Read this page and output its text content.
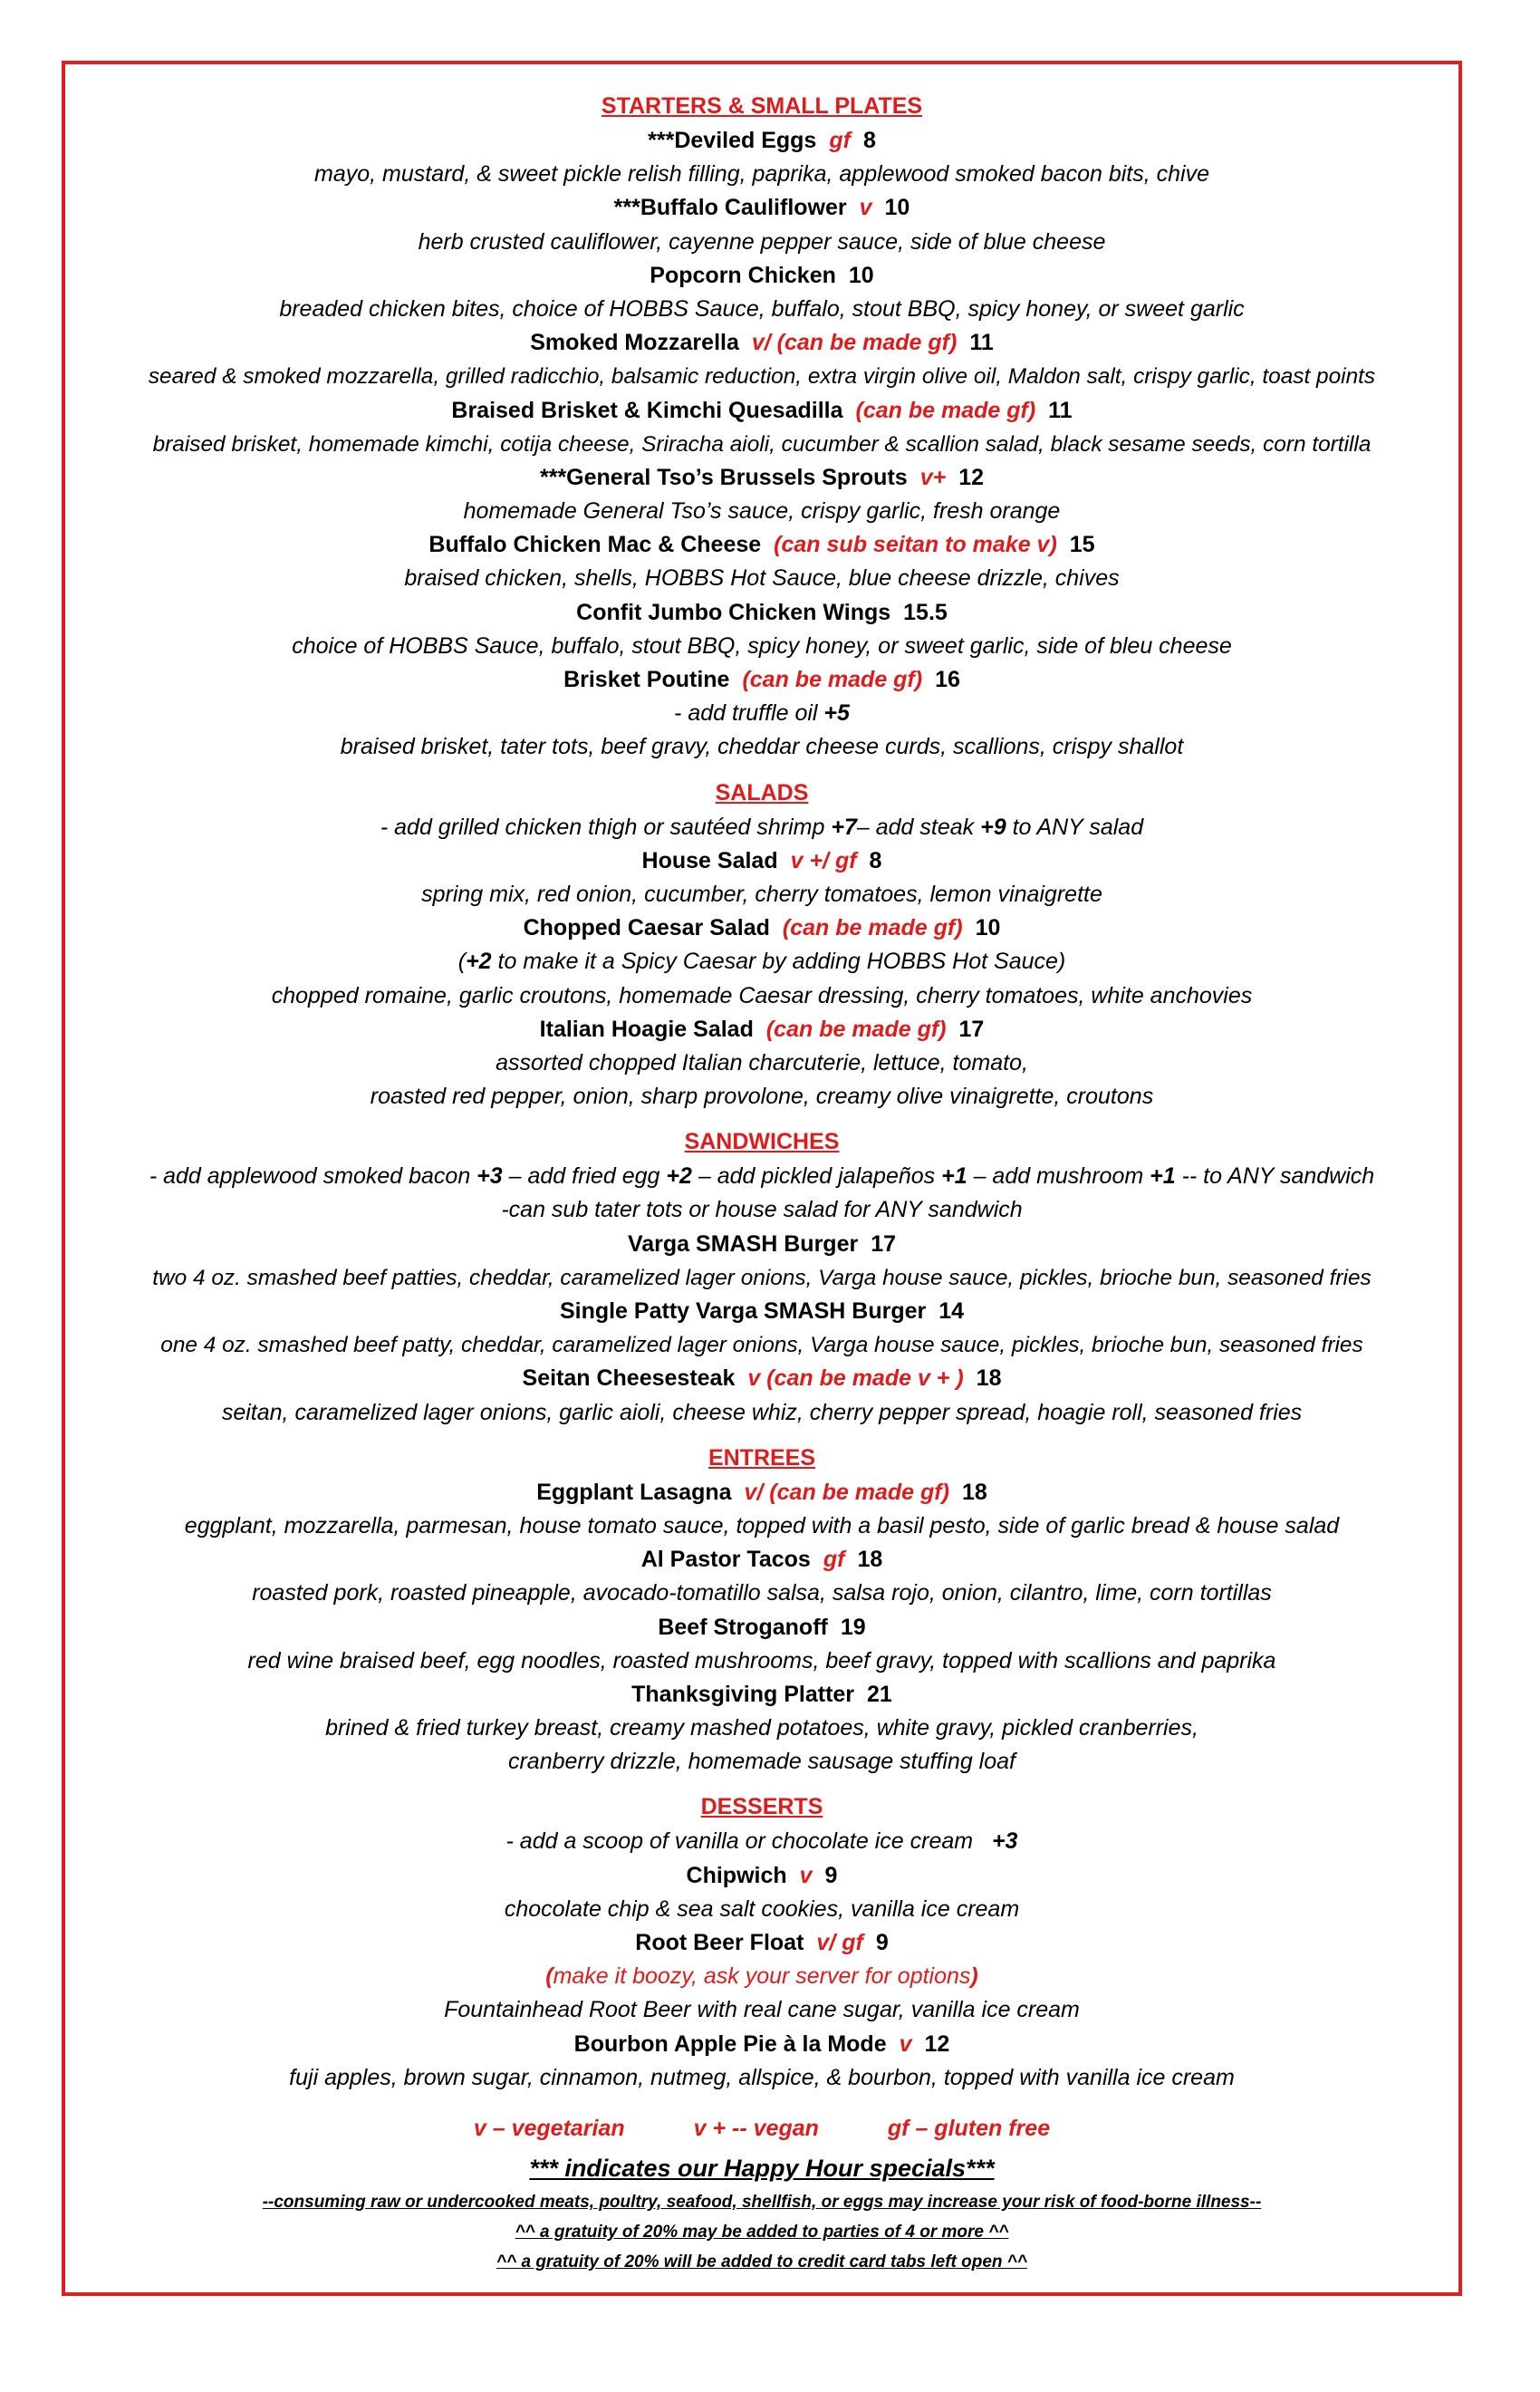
STARTERS & SMALL PLATES
***Deviled Eggs gf 8
mayo, mustard, & sweet pickle relish filling, paprika, applewood smoked bacon bits, chive
***Buffalo Cauliflower v 10
herb crusted cauliflower, cayenne pepper sauce, side of blue cheese
Popcorn Chicken 10
breaded chicken bites, choice of HOBBS Sauce, buffalo, stout BBQ, spicy honey, or sweet garlic
Smoked Mozzarella v/ (can be made gf) 11
seared & smoked mozzarella, grilled radicchio, balsamic reduction, extra virgin olive oil, Maldon salt, crispy garlic, toast points
Braised Brisket & Kimchi Quesadilla (can be made gf) 11
braised brisket, homemade kimchi, cotija cheese, Sriracha aioli, cucumber & scallion salad, black sesame seeds, corn tortilla
***General Tso’s Brussels Sprouts v+ 12
homemade General Tso’s sauce, crispy garlic, fresh orange
Buffalo Chicken Mac & Cheese (can sub seitan to make v) 15
braised chicken, shells, HOBBS Hot Sauce, blue cheese drizzle, chives
Confit Jumbo Chicken Wings 15.5
choice of HOBBS Sauce, buffalo, stout BBQ, spicy honey, or sweet garlic, side of bleu cheese
Brisket Poutine (can be made gf) 16
- add truffle oil +5
braised brisket, tater tots, beef gravy, cheddar cheese curds, scallions, crispy shallot
SALADS
- add grilled chicken thigh or sautéed shrimp +7– add steak +9 to ANY salad
House Salad v +/ gf 8
spring mix, red onion, cucumber, cherry tomatoes, lemon vinaigrette
Chopped Caesar Salad (can be made gf) 10
(+2 to make it a Spicy Caesar by adding HOBBS Hot Sauce)
chopped romaine, garlic croutons, homemade Caesar dressing, cherry tomatoes, white anchovies
Italian Hoagie Salad (can be made gf) 17
assorted chopped Italian charcuterie, lettuce, tomato,
roasted red pepper, onion, sharp provolone, creamy olive vinaigrette, croutons
SANDWICHES
- add applewood smoked bacon +3 – add fried egg +2 – add pickled jalapeños +1 – add mushroom +1 -- to ANY sandwich
-can sub tater tots or house salad for ANY sandwich
Varga SMASH Burger 17
two 4 oz. smashed beef patties, cheddar, caramelized lager onions, Varga house sauce, pickles, brioche bun, seasoned fries
Single Patty Varga SMASH Burger 14
one 4 oz. smashed beef patty, cheddar, caramelized lager onions, Varga house sauce, pickles, brioche bun, seasoned fries
Seitan Cheesesteak v (can be made v + ) 18
seitan, caramelized lager onions, garlic aioli, cheese whiz, cherry pepper spread, hoagie roll, seasoned fries
ENTREES
Eggplant Lasagna v/ (can be made gf) 18
eggplant, mozzarella, parmesan, house tomato sauce, topped with a basil pesto, side of garlic bread & house salad
Al Pastor Tacos gf 18
roasted pork, roasted pineapple, avocado-tomatillo salsa, salsa rojo, onion, cilantro, lime, corn tortillas
Beef Stroganoff 19
red wine braised beef, egg noodles, roasted mushrooms, beef gravy, topped with scallions and paprika
Thanksgiving Platter 21
brined & fried turkey breast, creamy mashed potatoes, white gravy, pickled cranberries,
cranberry drizzle, homemade sausage stuffing loaf
DESSERTS
- add a scoop of vanilla or chocolate ice cream +3
Chipwich v 9
chocolate chip & sea salt cookies, vanilla ice cream
Root Beer Float v/ gf 9
(make it boozy, ask your server for options)
Fountainhead Root Beer with real cane sugar, vanilla ice cream
Bourbon Apple Pie à la Mode v 12
fuji apples, brown sugar, cinnamon, nutmeg, allspice, & bourbon, topped with vanilla ice cream
v – vegetarian	v + -- vegan	gf – gluten free
*** indicates our Happy Hour specials***
--consuming raw or undercooked meats, poultry, seafood, shellfish, or eggs may increase your risk of food-borne illness--
^^ a gratuity of 20% may be added to parties of 4 or more ^^
^^ a gratuity of 20% will be added to credit card tabs left open ^^
